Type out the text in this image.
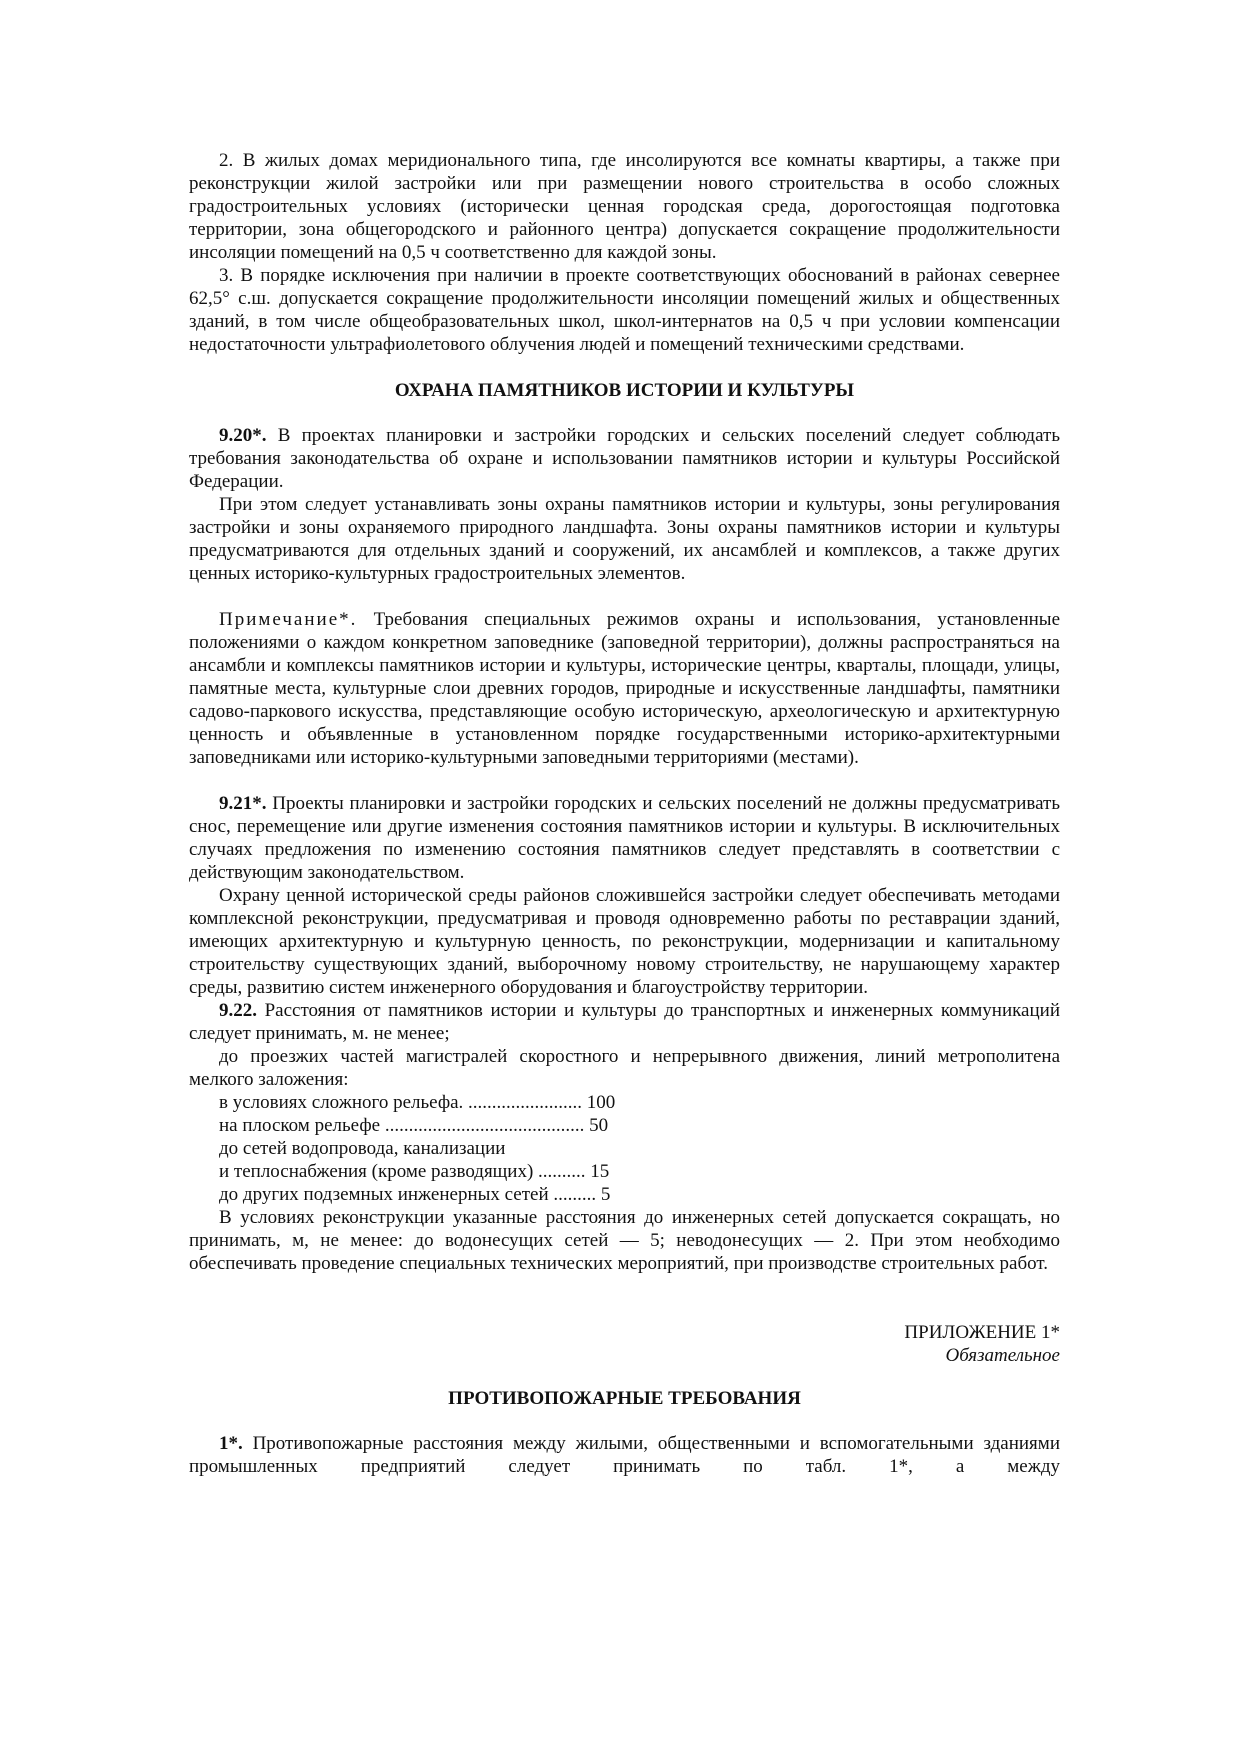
2. В жилых домах меридионального типа, где инсолируются все комнаты квартиры, а также при реконструкции жилой застройки или при размещении нового строительства в особо сложных градостроительных условиях (исторически ценная городская среда, дорогостоящая подготовка территории, зона общегородского и районного центра) допускается сокращение продолжительности инсоляции помещений на 0,5 ч соответственно для каждой зоны.

3. В порядке исключения при наличии в проекте соответствующих обоснований в районах севернее 62,5° с.ш. допускается сокращение продолжительности инсоляции помещений жилых и общественных зданий, в том числе общеобразовательных школ, школ-интернатов на 0,5 ч при условии компенсации недостаточности ультрафиолетового облучения людей и помещений техническими средствами.

ОХРАНА ПАМЯТНИКОВ ИСТОРИИ И КУЛЬТУРЫ

9.20*. В проектах планировки и застройки городских и сельских поселений следует соблюдать требования законодательства об охране и использовании памятников истории и культуры Российской Федерации.

При этом следует устанавливать зоны охраны памятников истории и культуры, зоны регулирования застройки и зоны охраняемого природного ландшафта. Зоны охраны памятников истории и культуры предусматриваются для отдельных зданий и сооружений, их ансамблей и комплексов, а также других ценных историко-культурных градостроительных элементов.

Примечание*. Требования специальных режимов охраны и использования, установленные положениями о каждом конкретном заповеднике (заповедной территории), должны распространяться на ансамбли и комплексы памятников истории и культуры, исторические центры, кварталы, площади, улицы, памятные места, культурные слои древних городов, природные и искусственные ландшафты, памятники садово-паркового искусства, представляющие особую историческую, археологическую и архитектурную ценность и объявленные в установленном порядке государственными историко-архитектурными заповедниками или историко-культурными заповедными территориями (местами).

9.21*. Проекты планировки и застройки городских и сельских поселений не должны предусматривать снос, перемещение или другие изменения состояния памятников истории и культуры. В исключительных случаях предложения по изменению состояния памятников следует представлять в соответствии с действующим законодательством.

Охрану ценной исторической среды районов сложившейся застройки следует обеспечивать методами комплексной реконструкции, предусматривая и проводя одновременно работы по реставрации зданий, имеющих архитектурную и культурную ценность, по реконструкции, модернизации и капитальному строительству существующих зданий, выборочному новому строительству, не нарушающему характер среды, развитию систем инженерного оборудования и благоустройству территории.

9.22. Расстояния от памятников истории и культуры до транспортных и инженерных коммуникаций следует принимать, м. не менее;

до проезжих частей магистралей скоростного и непрерывного движения, линий метрополитена мелкого заложения:

в условиях сложного рельефа. ........................ 100
на плоском рельефе .......................................... 50
до сетей водопровода, канализации
и теплоснабжения (кроме разводящих) .......... 15
до других подземных инженерных сетей ......... 5

В условиях реконструкции указанные расстояния до инженерных сетей допускается сокращать, но принимать, м, не менее: до водонесущих сетей — 5; неводонесущих — 2. При этом необходимо обеспечивать проведение специальных технических мероприятий, при производстве строительных работ.

ПРИЛОЖЕНИЕ 1*
Обязательное
ПРОТИВОПОЖАРНЫЕ ТРЕБОВАНИЯ

1*. Противопожарные расстояния между жилыми, общественными и вспомогательными зданиями промышленных предприятий следует принимать по табл. 1*, а между
